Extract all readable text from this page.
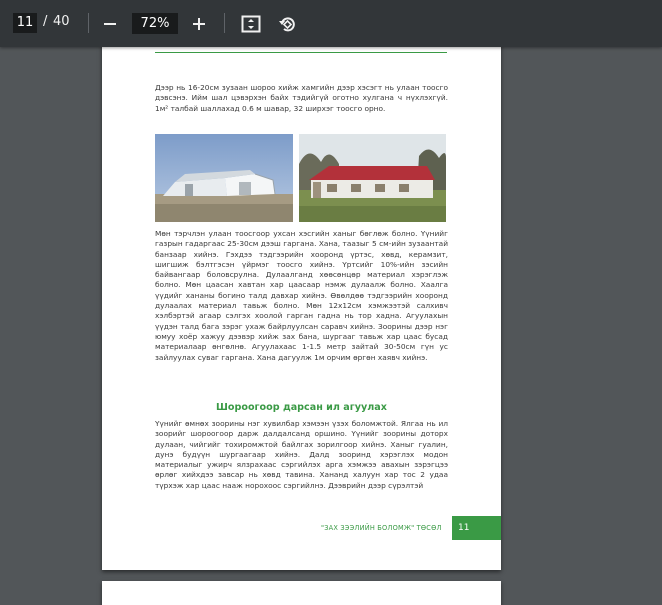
11 / 40	72%

Дээр нь 16-20см зузаан шороо хийж хамгийн дээр хэсэгт нь улаан тоосго дэвсэнэ. Ийм шал цэвэрхэн байх тэдийгүй оготно хулгана ч нүхлэхгүй. 1м² талбай шаллахад 0.6 м шавар, 32 ширхэг тоосго орно.

Мөн тэрчлэн улаан тоосгоор ухсан хэсгийн ханыг бөглөж болно. Үүнийг газрын гадаргаас 25-30см дээш гаргана. Хана, таазыг 5 см-ийн зузаантай банзаар хийнэ. Гэхдээ тэдгээрийн хооронд үртэс, хөвд, керамзит, шигшиж бэлтгэсэн үйрмэг тоосго хийнэ. Үртсийг 10%-ийн зэсийн байвангаар боловсрулна. Дулаалганд хөөсөнцөр материал хэрэглэж болно. Мөн цаасан хавтан хар цаасаар нэмж дулаалж болно. Хаалга үүдийг хананы богино талд давхар хийнэ. Өвөлдөө тэдгээрийн хооронд дулаалах материал тавьж болно. Мөн 12x12см хэмжээтэй салхивч хэлбэртэй агаар сэлгэх хоолой гарган гадна нь тор хадна. Агуулахын үүдэн талд бага зэрэг ухаж байрлуулсан саравч хийнэ. Зоорины дээр нэг юмуу хоёр хажуу дээвэр хийж зах бана, шургааг тавьж хар цаас бусад материалаар өнгөлнө. Агуулахаас 1-1.5 метр зайтай 30-50см гүн ус зайлуулах суваг гаргана. Хана дагуулж 1м орчим өргөн хаявч хийнэ.

Шороогоор дарсан ил агуулах

Үүнийг өмнөх зоорины нэг хувилбар хэмээн үзэх боломжтой. Ялгаа нь ил зоорийг шороогоор дарж далдалсанд оршино. Үүнийг зоорины доторх дулаан, чийгийг тохиромжтой байлгах зорилгоор хийнэ. Ханыг гуалин, дунэ будүүн шургаагаар хийнэ. Далд зооринд хэрэглэх модон материалыг ужирч ялзрахаас сэргийлэх арга хэмжээ авахын зэрэгцээ өрлөг хийхдээ завсар нь хөвд тавина. Хананд халуун хар тос 2 удаа түрхэж хар цаас нааж норохоос сэргийлнэ. Дээврийн дээр сүрэлтэй

"ЗАХ ЗЭЭЛИЙН БОЛОМЖ" ТӨСӨЛ	11
